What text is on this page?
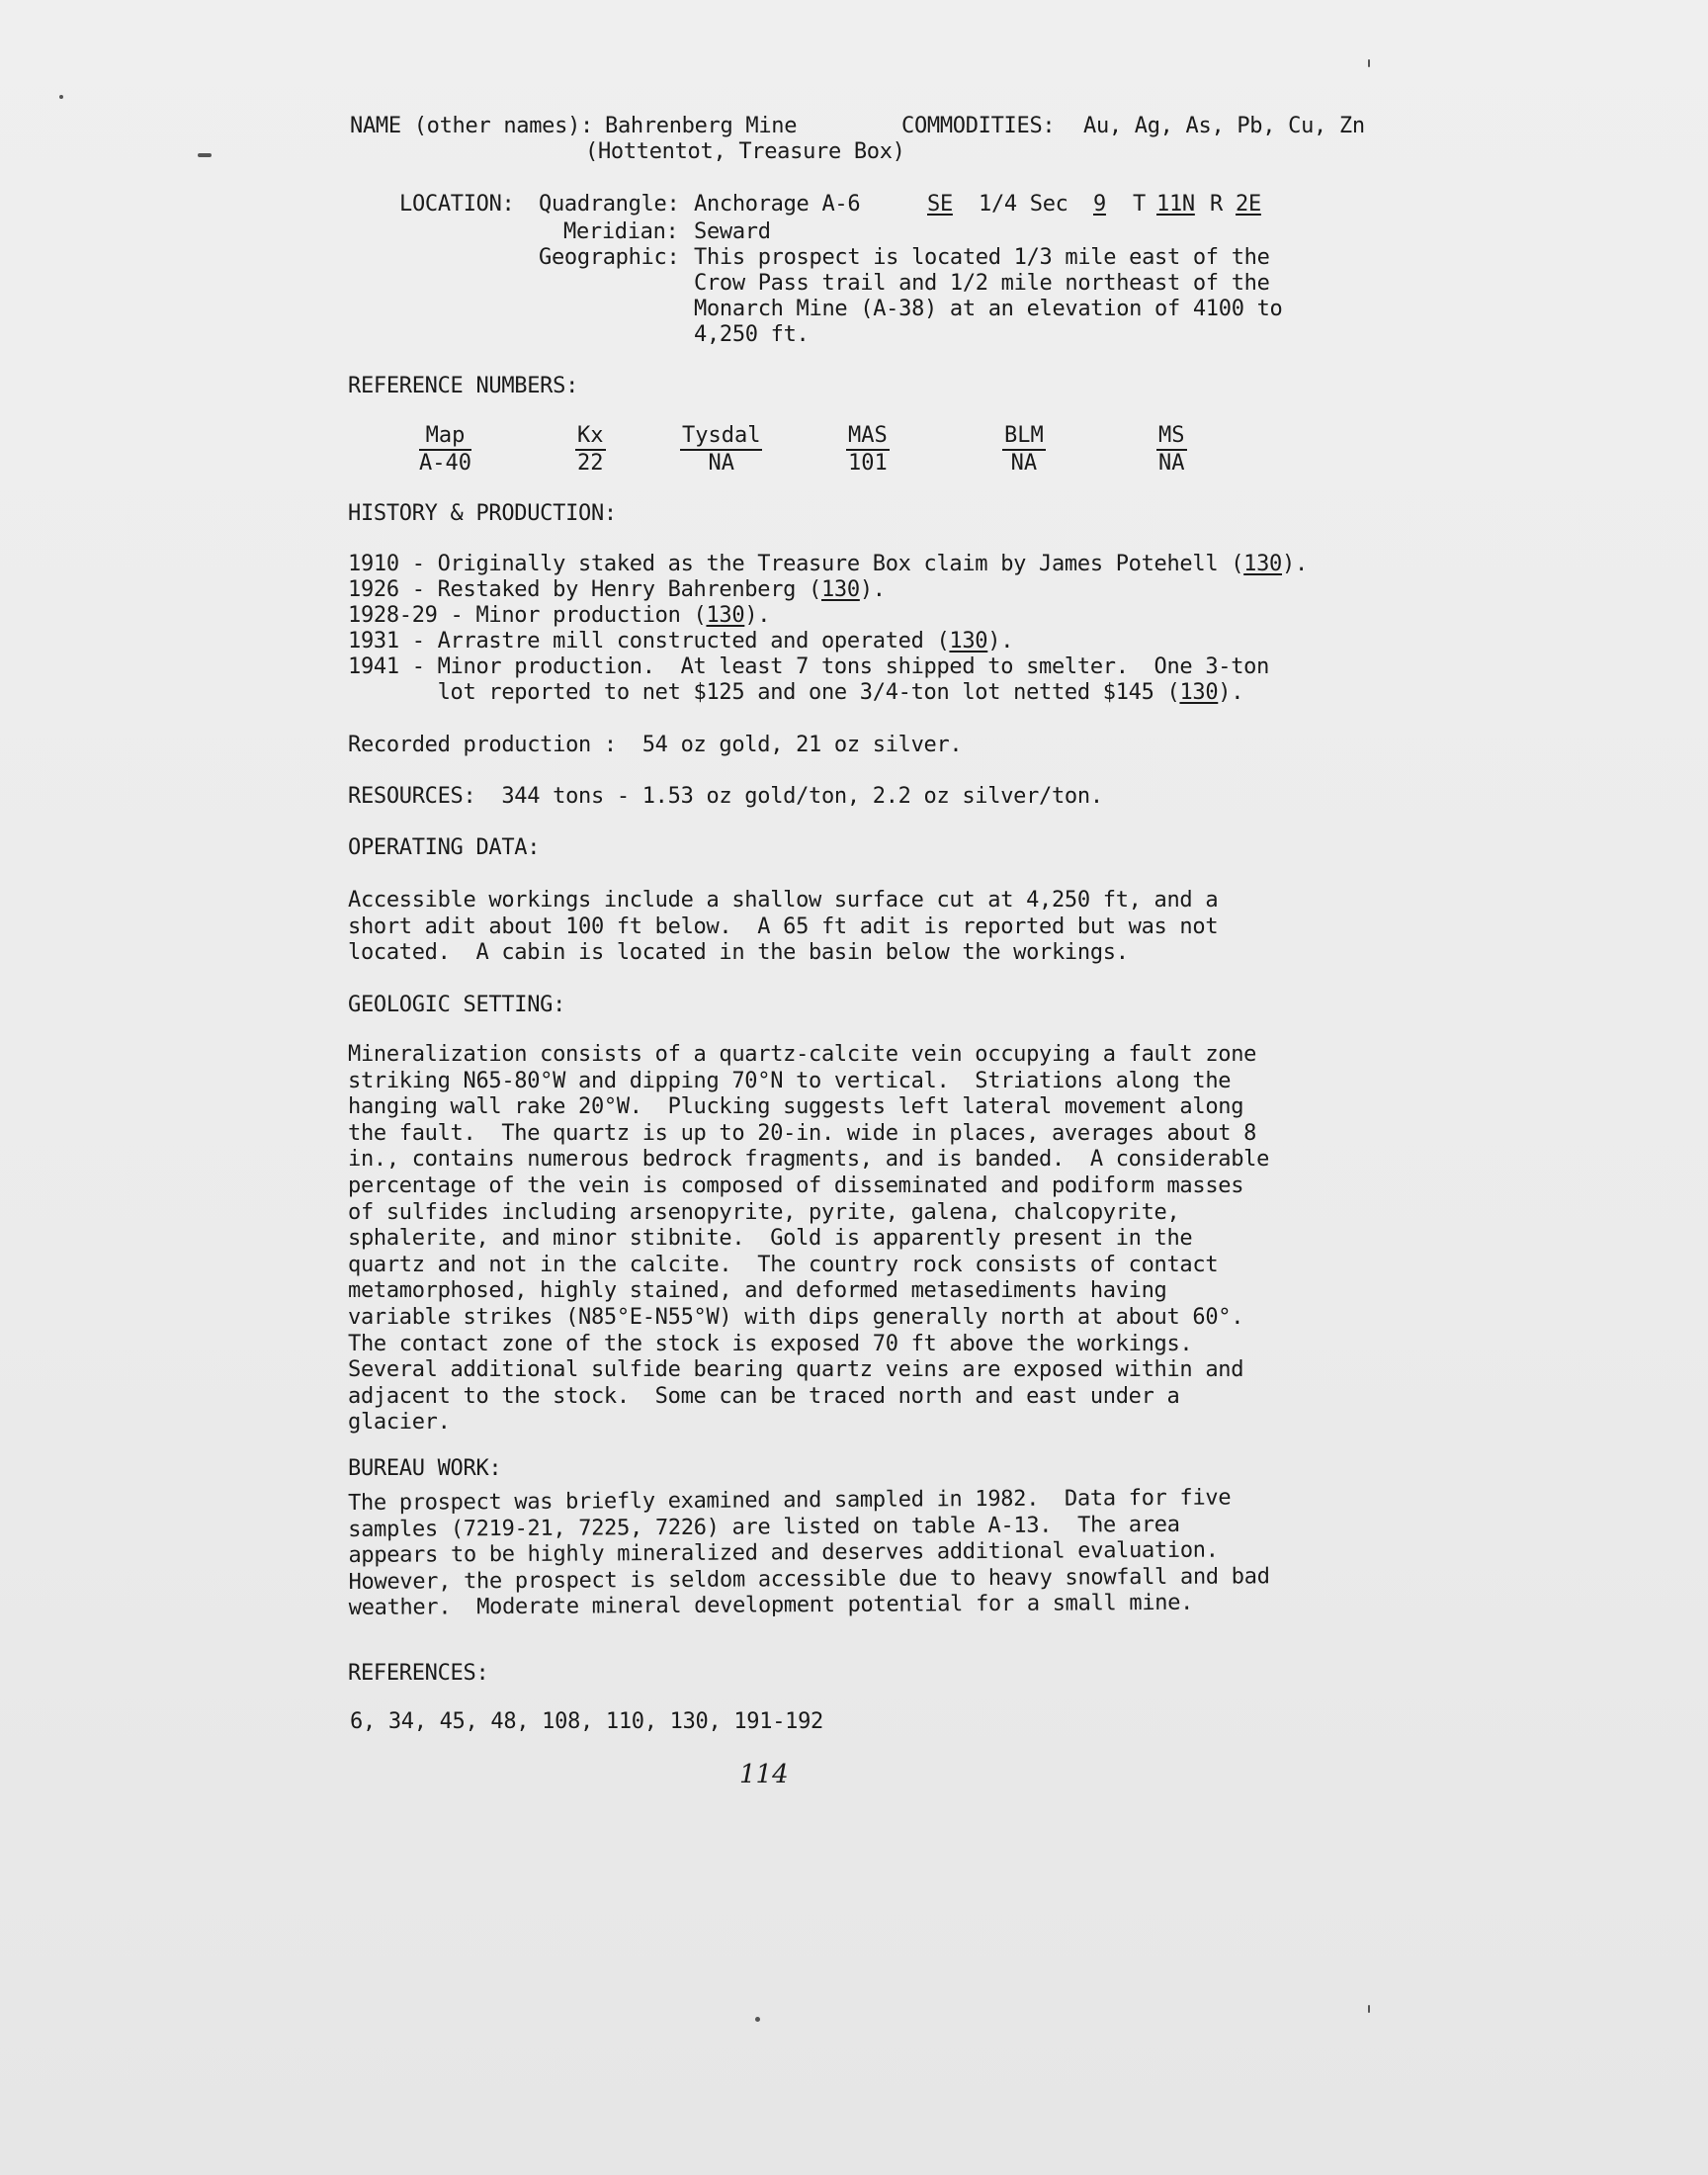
NAME (other names): Bahrenberg Mine
(Hottentot, Treasure Box)
COMMODITIES: Au, Ag, As, Pb, Cu, Zn
LOCATION: Quadrangle: Anchorage A-6	SE 1/4 Sec 9 T 11N R 2E
Meridian: Seward
Geographic: This prospect is located 1/3 mile east of the
Crow Pass trail and 1/2 mile northeast of the
Monarch Mine (A-38) at an elevation of 4100 to
4,250 ft.
REFERENCE NUMBERS:
Map
A-40
Kx
22
Tysdal
NA
MAS
101
BLM
NA
MS
NA
HISTORY & PRODUCTION:
1910 - Originally staked as the Treasure Box claim by James Potehell (130).
1926 - Restaked by Henry Bahrenberg (130).
1928-29 - Minor production (130).
1931 - Arrastre mill constructed and operated (130).
1941 - Minor production.  At least 7 tons shipped to smelter.  One 3-ton
lot reported to net $125 and one 3/4-ton lot netted $145 (130).
Recorded production :  54 oz gold, 21 oz silver.
RESOURCES:  344 tons - 1.53 oz gold/ton, 2.2 oz silver/ton.
OPERATING DATA:
Accessible workings include a shallow surface cut at 4,250 ft, and a
short adit about 100 ft below.  A 65 ft adit is reported but was not
located.  A cabin is located in the basin below the workings.
GEOLOGIC SETTING:
Mineralization consists of a quartz-calcite vein occupying a fault zone
striking N65-80°W and dipping 70°N to vertical.  Striations along the
hanging wall rake 20°W.  Plucking suggests left lateral movement along
the fault.  The quartz is up to 20-in. wide in places, averages about 8
in., contains numerous bedrock fragments, and is banded.  A considerable
percentage of the vein is composed of disseminated and podiform masses
of sulfides including arsenopyrite, pyrite, galena, chalcopyrite,
sphalerite, and minor stibnite.  Gold is apparently present in the
quartz and not in the calcite.  The country rock consists of contact
metamorphosed, highly stained, and deformed metasediments having
variable strikes (N85°E-N55°W) with dips generally north at about 60°.
The contact zone of the stock is exposed 70 ft above the workings.
Several additional sulfide bearing quartz veins are exposed within and
adjacent to the stock.  Some can be traced north and east under a
glacier.
BUREAU WORK:
The prospect was briefly examined and sampled in 1982.  Data for five
samples (7219-21, 7225, 7226) are listed on table A-13.  The area
appears to be highly mineralized and deserves additional evaluation.
However, the prospect is seldom accessible due to heavy snowfall and bad
weather.  Moderate mineral development potential for a small mine.
REFERENCES:
6, 34, 45, 48, 108, 110, 130, 191-192
114
